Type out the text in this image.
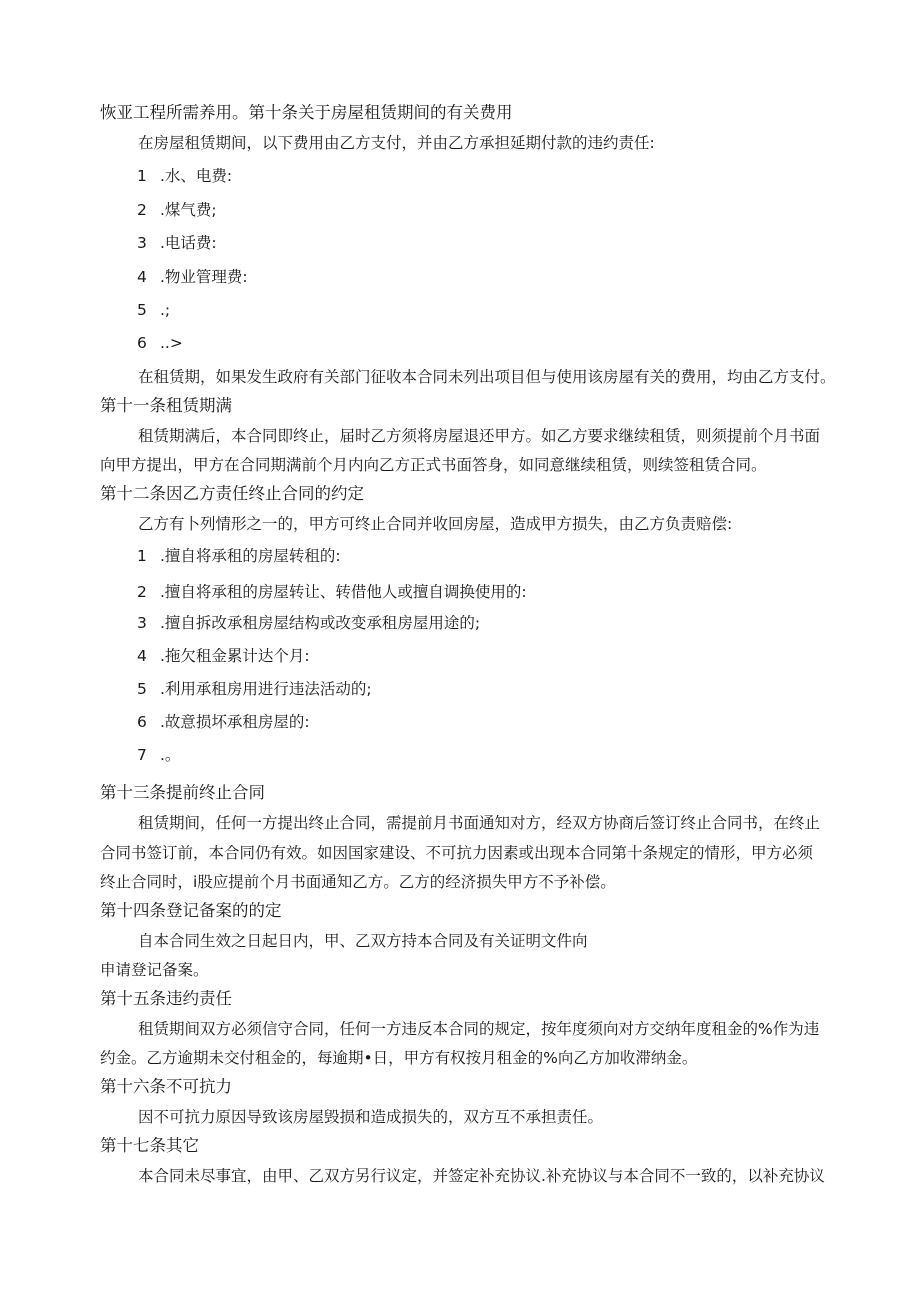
恢亚工程所需养用。第十条关于房屋租赁期间的有关费用
在房屋租赁期间，以下费用由乙方支付，并由乙方承担延期付款的违约责任:
1 .水、电费:
2 .煤气费;
3 .电话费:
4 .物业管理费:
5 .;
6 ..>
在租赁期，如果发生政府有关部门征收本合同未列出项目但与使用该房屋有关的费用，均由乙方支付。
第十一条租赁期满
租赁期满后，本合同即终止，届时乙方须将房屋退还甲方。如乙方要求继续租赁，则须提前个月书面
向甲方提出，甲方在合同期满前个月内向乙方正式书面答身，如同意继续租赁，则续签租赁合同。
第十二条因乙方责任终止合同的约定
乙方有卜列情形之一的，甲方可终止合同并收回房屋，造成甲方损失，由乙方负责赔偿:
1 .擅自将承租的房屋转租的:
2 .擅自将承租的房屋转让、转借他人或擅自调换使用的:
3 .擅自拆改承租房屋结构或改变承租房屋用途的;
4 .拖欠租金累计达个月:
5 .利用承租房用进行违法活动的;
6 .故意损坏承租房屋的:
7 .。
第十三条提前终止合同
租赁期间，任何一方提出终止合同，需提前月书面通知对方，经双方协商后签订终止合同书，在终止
合同书签订前，本合同仍有效。如因国家建设、不可抗力因素或出现本合同第十条规定的情形，甲方必须
终止合同时，i股应提前个月书面通知乙方。乙方的经济损失甲方不予补偿。
第十四条登记备案的的定
自本合同生效之日起日内，甲、乙双方持本合同及有关证明文件向
申请登记备案。
第十五条违约责任
租赁期间双方必须信守合同，任何一方违反本合同的规定，按年度须向对方交纳年度租金的%作为违
约金。乙方逾期未交付租金的，每逾期•日，甲方有权按月租金的%向乙方加收滞纳金。
第十六条不可抗力
因不可抗力原因导致该房屋毁损和造成损失的，双方互不承担责任。
第十七条其它
本合同未尽事宜，由甲、乙双方另行议定，并签定补充协议.补充协议与本合同不一致的，以补充协议
